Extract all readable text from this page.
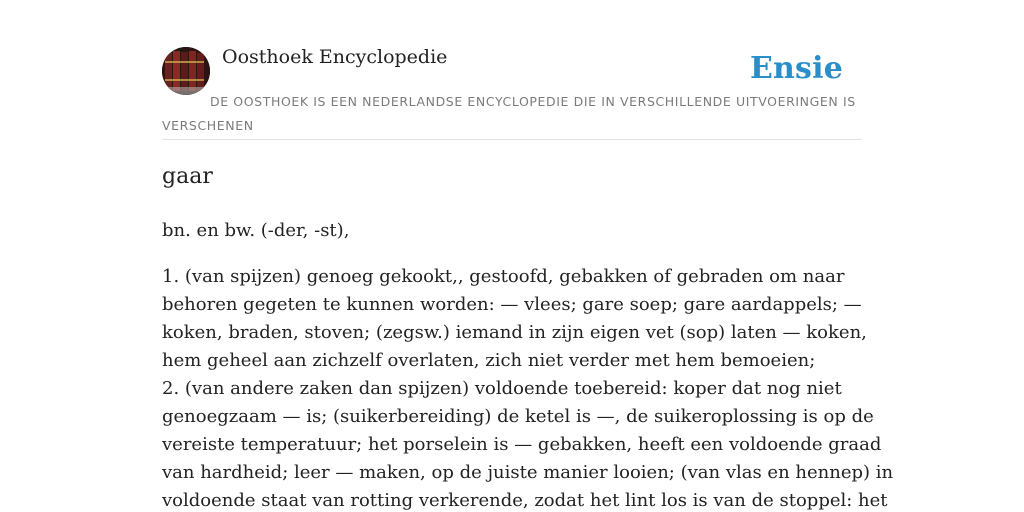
Oosthoek Encyclopedie	Ensie
DE OOSTHOEK IS EEN NEDERLANDSE ENCYCLOPEDIE DIE IN VERSCHILLENDE UITVOERINGEN IS VERSCHENEN
gaar

bn. en bw. (-der, -st),

1. (van spijzen) genoeg gekookt,, gestoofd, gebakken of gebraden om naar
behoren gegeten te kunnen worden: — vlees; gare soep; gare aardappels; —
koken, braden, stoven; (zegsw.) iemand in zijn eigen vet (sop) laten — koken,
hem geheel aan zichzelf overlaten, zich niet verder met hem bemoeien;
2. (van andere zaken dan spijzen) voldoende toebereid: koper dat nog niet
genoegzaam — is; (suikerbereiding) de ketel is —, de suikeroplossing is op de
vereiste temperatuur; het porselein is — gebakken, heeft een voldoende graad
van hardheid; leer — maken, op de juiste manier looien; (van vlas en hennep) in
voldoende staat van rotting verkerende, zodat het lint los is van de stoppel: het
